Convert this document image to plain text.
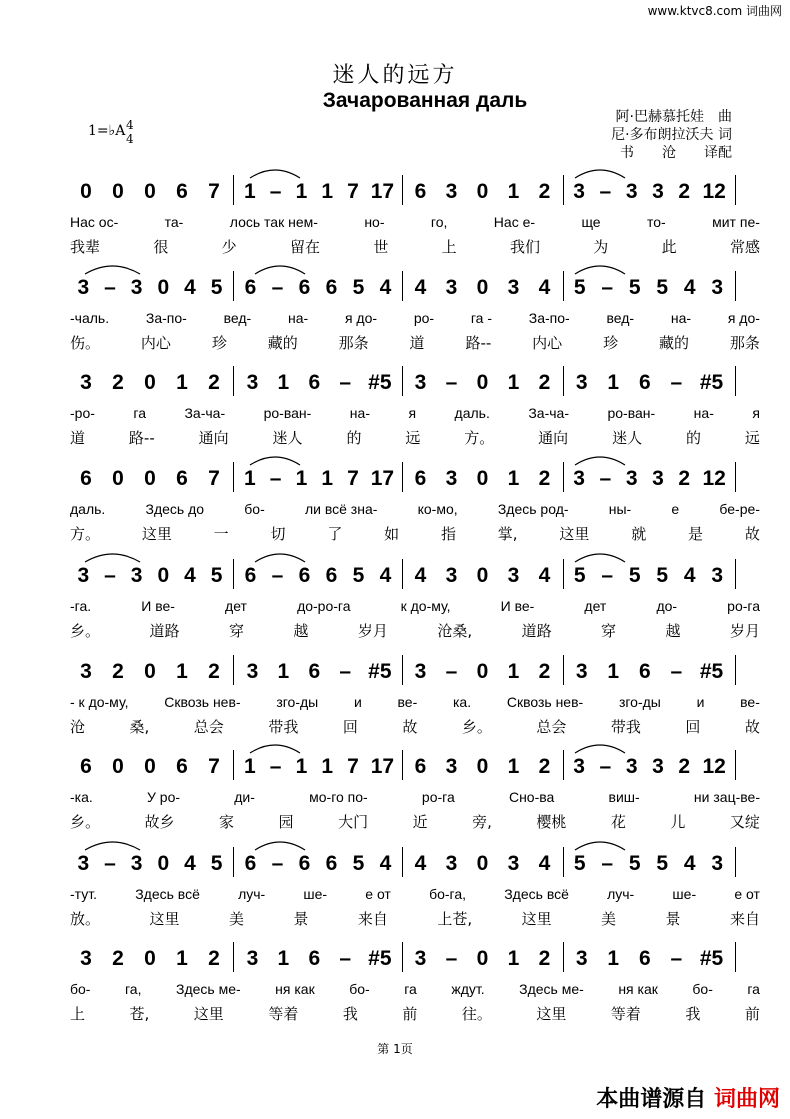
www.ktvc8.com 词曲网
迷人的远方
Зачарованная даль
阿·巴赫慕托娃　曲
尼·多布朗拉沃夫 词
书　　沧　　译配
1=♭A 4
4
0 0 0 6 7 1 – 1 1 7 17 6 3 0 1 2 3 – 3 3 2 12
Нас ос-	та-	лось так нем-	но-	го,	Нас е-	ще	то-	мит пе-
我辈	很	少	留在	世	上	我们	为	此	常感
3 – 3 0 4 5 6 – 6 6 5 4 4 3 0 3 4 5 – 5 5 4 3
-чаль.	За-по-	вед-	на-	я до-	ро-	га -	За-по-	вед-	на-	я до-
伤。	内心	珍	藏的	那条	道	路--	内心	珍	藏的	那条
3 2 0 1 2 3 1 6 – #5 3 – 0 1 2 3 1 6 – #5
-ро-	га	За-ча-	ро-ван-	на-	я	даль.	За-ча-	ро-ван-	на-	я
道	路--	通向	迷人	的	远	方。	通向	迷人	的	远
6 0 0 6 7 1 – 1 1 7 17 6 3 0 1 2 3 – 3 3 2 12
даль.	Здесь до	бо-	ли всё зна-	ко-мо,	Здесь род-	ны-	е	бе-ре-
方。	这里	一	切	了	如	指	掌,	这里	就	是	故
3 – 3 0 4 5 6 – 6 6 5 4 4 3 0 3 4 5 – 5 5 4 3
-га.	И ве-	дет	до-ро-га	к до-му,	И ве-	дет	до-	ро-га
乡。	道路	穿	越	岁月	沧桑,	道路	穿	越	岁月
3 2 0 1 2 3 1 6 – #5 3 – 0 1 2 3 1 6 – #5
- к до-му,	Сквозь нев-	зго-ды	и	ве-	ка.	Сквозь нев-	зго-ды	и	ве-
沧	桑,	总会	带我	回	故	乡。	总会	带我	回	故
6 0 0 6 7 1 – 1 1 7 17 6 3 0 1 2 3 – 3 3 2 12
-ка.	У ро-	ди-	мо-го по-	ро-га	Сно-ва	виш-	ни зац-ве-
乡。	故乡	家	园	大门	近	旁,	樱桃	花	儿	又绽
3 – 3 0 4 5 6 – 6 6 5 4 4 3 0 3 4 5 – 5 5 4 3
-тут.	Здесь всё	луч-	ше-	е от	бо-га,	Здесь всё	луч-	ше-	е от
放。	这里	美	景	来自	上苍,	这里	美	景	来自
3 2 0 1 2 3 1 6 – #5 3 – 0 1 2 3 1 6 – #5
бо- га, Здесь ме- ня как бо- га ждут. Здесь ме- ня как бо- га
上	苍,	这里	等着	我	前	往。	这里	等着	我	前
第 1页
本曲谱源自 词曲网
